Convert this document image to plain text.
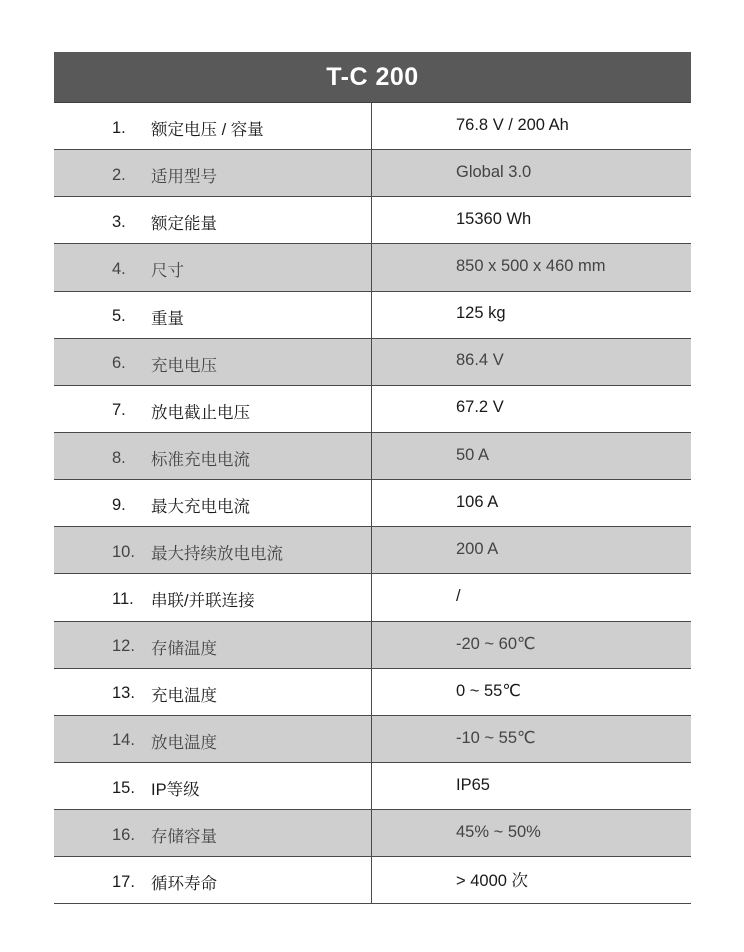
T-C 200
1.	额定电压 / 容量	76.8 V / 200 Ah
2.	适用型号	Global 3.0
3.	额定能量	15360 Wh
4.	尺寸	850 x 500 x 460 mm
5.	重量	125 kg
6.	充电电压	86.4 V
7.	放电截止电压	67.2 V
8.	标准充电电流	50 A
9.	最大充电电流	106 A
10. 最大持续放电电流	200 A
11.	串联/并联连接	/
12. 存储温度	-20 ~ 60℃
13. 充电温度	0 ~ 55℃
14. 放电温度	-10 ~ 55℃
15. IP等级	IP65
16. 存储容量	45% ~ 50%
17. 循环寿命	> 4000 次
